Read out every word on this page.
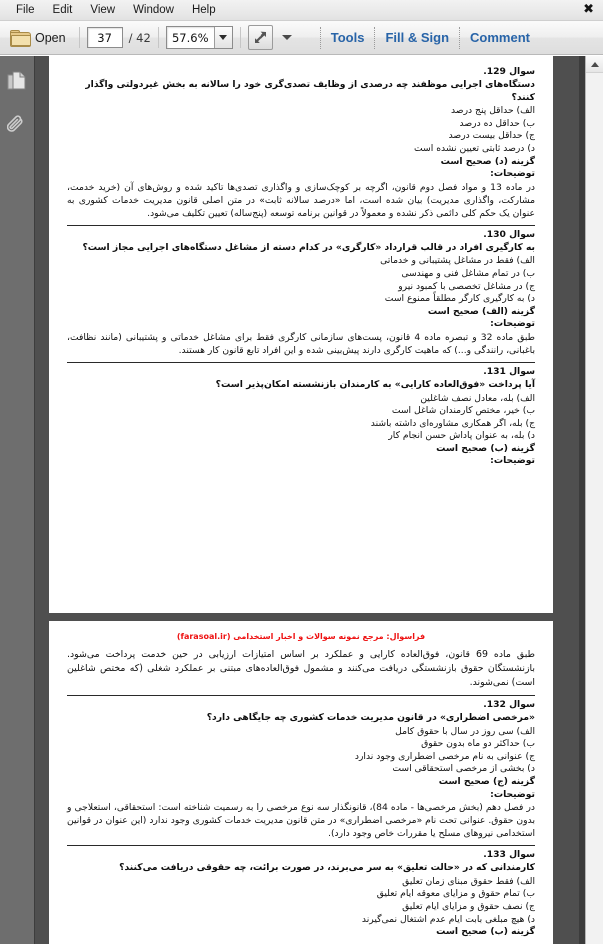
File	Edit	View	Window	Help	✖
Open	37	/ 42	57.6%	Tools Fill & Sign Comment
سوال 129.
دستگاه‌های اجرایی موظفند چه درصدی از وظایف تصدی‌گری خود را سالانه به بخش غیردولتی واگذار کنند؟
الف) حداقل پنج درصد
ب) حداقل ده درصد
ج) حداقل بیست درصد
د) درصد ثابتی تعیین نشده است
گزینه (د) صحیح است
توضیحات:
در ماده 13 و مواد فصل دوم قانون، اگرچه بر کوچک‌سازی و واگذاری تصدی‌ها تاکید شده و روش‌های آن (خرید خدمت، مشارکت، واگذاری مدیریت) بیان شده است، اما «درصد سالانه ثابت» در متن اصلی قانون مدیریت خدمات کشوری به عنوان یک حکم کلی دائمی ذکر نشده و معمولاً در قوانین برنامه توسعه (پنج‌ساله) تعیین تکلیف می‌شود.
سوال 130.
به کارگیری افراد در قالب قرارداد «کارگری» در کدام دسته از مشاغل دستگاه‌های اجرایی مجاز است؟
الف) فقط در مشاغل پشتیبانی و خدماتی
ب) در تمام مشاغل فنی و مهندسی
ج) در مشاغل تخصصی با کمبود نیرو
د) به کارگیری کارگر مطلقاً ممنوع است
گزینه (الف) صحیح است
توضیحات:
طبق ماده 32 و تبصره ماده 4 قانون، پست‌های سازمانی کارگری فقط برای مشاغل خدماتی و پشتیبانی (مانند نظافت، باغبانی، رانندگی و...) که ماهیت کارگری دارند پیش‌بینی شده و این افراد تابع قانون کار هستند.
سوال 131.
آیا پرداخت «فوق‌العاده کارایی» به کارمندان بازنشسته امکان‌پذیر است؟
الف) بله، معادل نصف شاغلین
ب) خیر، مختص کارمندان شاغل است
ج) بله، اگر همکاری مشاوره‌ای داشته باشند
د) بله، به عنوان پاداش حسن انجام کار
گزینه (ب) صحیح است
توضیحات:
فراسوال: مرجع نمونه سوالات و اخبار استخدامی (farasoal.ir)
طبق ماده 69 قانون، فوق‌العاده کارایی و عملکرد بر اساس امتیازات ارزیابی در حین خدمت پرداخت می‌شود. بازنشستگان حقوق بازنشستگی دریافت می‌کنند و مشمول فوق‌العاده‌های مبتنی بر عملکرد شغلی (که مختص شاغلین است) نمی‌شوند.
سوال 132.
«مرخصی اضطراری» در قانون مدیریت خدمات کشوری چه جایگاهی دارد؟
الف) سی روز در سال با حقوق کامل
ب) حداکثر دو ماه بدون حقوق
ج) عنوانی به نام مرخصی اضطراری وجود ندارد
د) بخشی از مرخصی استحقاقی است
گزینه (ج) صحیح است
توضیحات:
در فصل دهم (بخش مرخصی‌ها - ماده 84)، قانونگذار سه نوع مرخصی را به رسمیت شناخته است: استحقاقی، استعلاجی و بدون حقوق. عنوانی تحت نام «مرخصی اضطراری» در متن قانون مدیریت خدمات کشوری وجود ندارد (این عنوان در قوانین استخدامی نیروهای مسلح یا مقررات خاص وجود دارد).
سوال 133.
کارمندانی که در «حالت تعلیق» به سر می‌برند، در صورت برائت، چه حقوقی دریافت می‌کنند؟
الف) فقط حقوق مبنای زمان تعلیق
ب) تمام حقوق و مزایای معوقه ایام تعلیق
ج) نصف حقوق و مزایای ایام تعلیق
د) هیچ مبلغی بابت ایام عدم اشتغال نمی‌گیرند
گزینه (ب) صحیح است
